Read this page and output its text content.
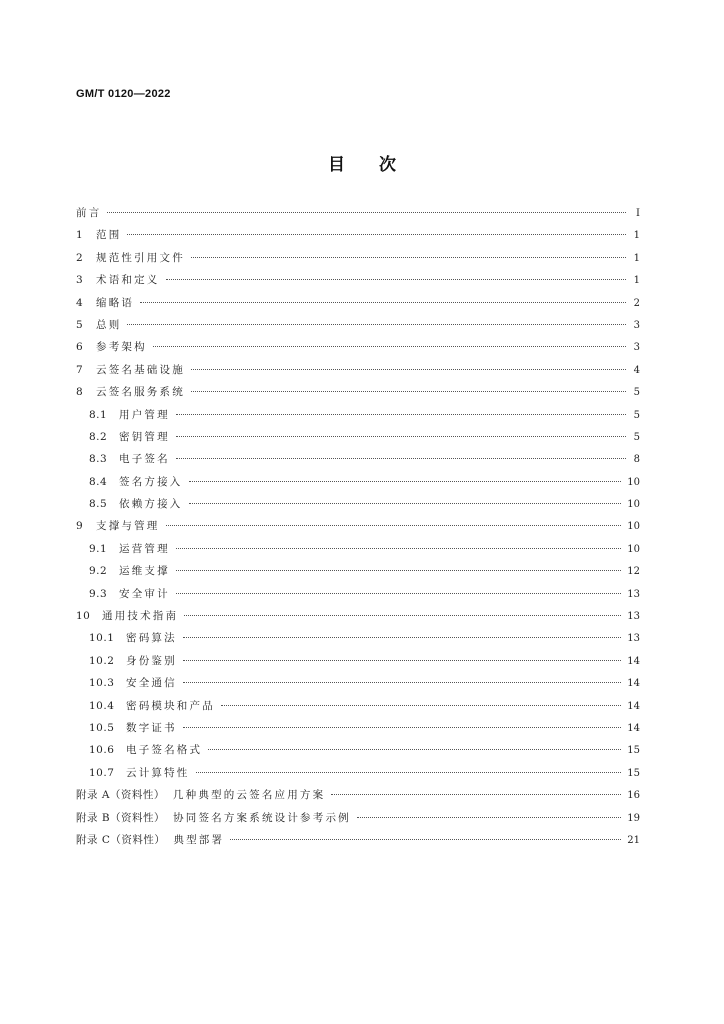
GM/T 0120—2022
目 次
前言	Ⅰ
1	范围	1
2	规范性引用文件	1
3	术语和定义	1
4	缩略语	2
5	总则	3
6	参考架构	3
7	云签名基础设施	4
8	云签名服务系统	5
8.1	用户管理	5
8.2	密钥管理	5
8.3	电子签名	8
8.4	签名方接入	10
8.5	依赖方接入	10
9	支撑与管理	10
9.1	运营管理	10
9.2	运维支撑	12
9.3	安全审计	13
10	通用技术指南	13
10.1	密码算法	13
10.2	身份鉴别	14
10.3	安全通信	14
10.4	密码模块和产品	14
10.5	数字证书	14
10.6	电子签名格式	15
10.7	云计算特性	15
附录 A（资料性） 几种典型的云签名应用方案	16
附录 B（资料性） 协同签名方案系统设计参考示例	19
附录 C（资料性） 典型部署	21
